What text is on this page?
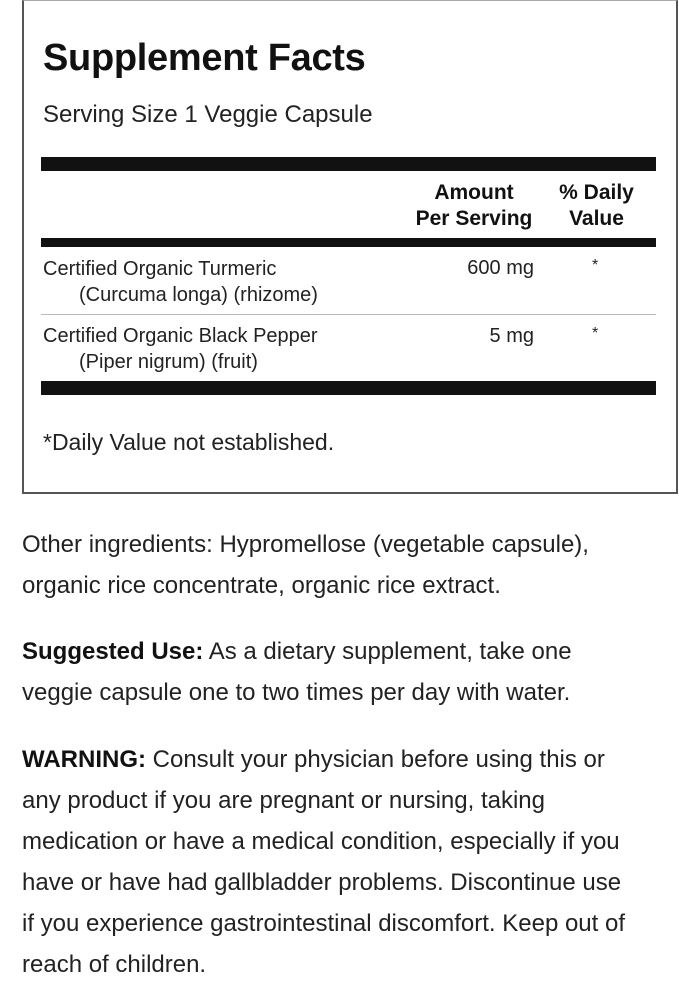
Supplement Facts
Serving Size 1 Veggie Capsule
Amount
Per Serving
% Daily
Value
Certified Organic Turmeric
(Curcuma longa) (rhizome)
600 mg	*
Certified Organic Black Pepper
(Piper nigrum) (fruit)
5 mg	*
*Daily Value not established.
Other ingredients: Hypromellose (vegetable capsule),
organic rice concentrate, organic rice extract.
Suggested Use: As a dietary supplement, take one
veggie capsule one to two times per day with water.
WARNING: Consult your physician before using this or
any product if you are pregnant or nursing, taking
medication or have a medical condition, especially if you
have or have had gallbladder problems. Discontinue use
if you experience gastrointestinal discomfort. Keep out of
reach of children.
